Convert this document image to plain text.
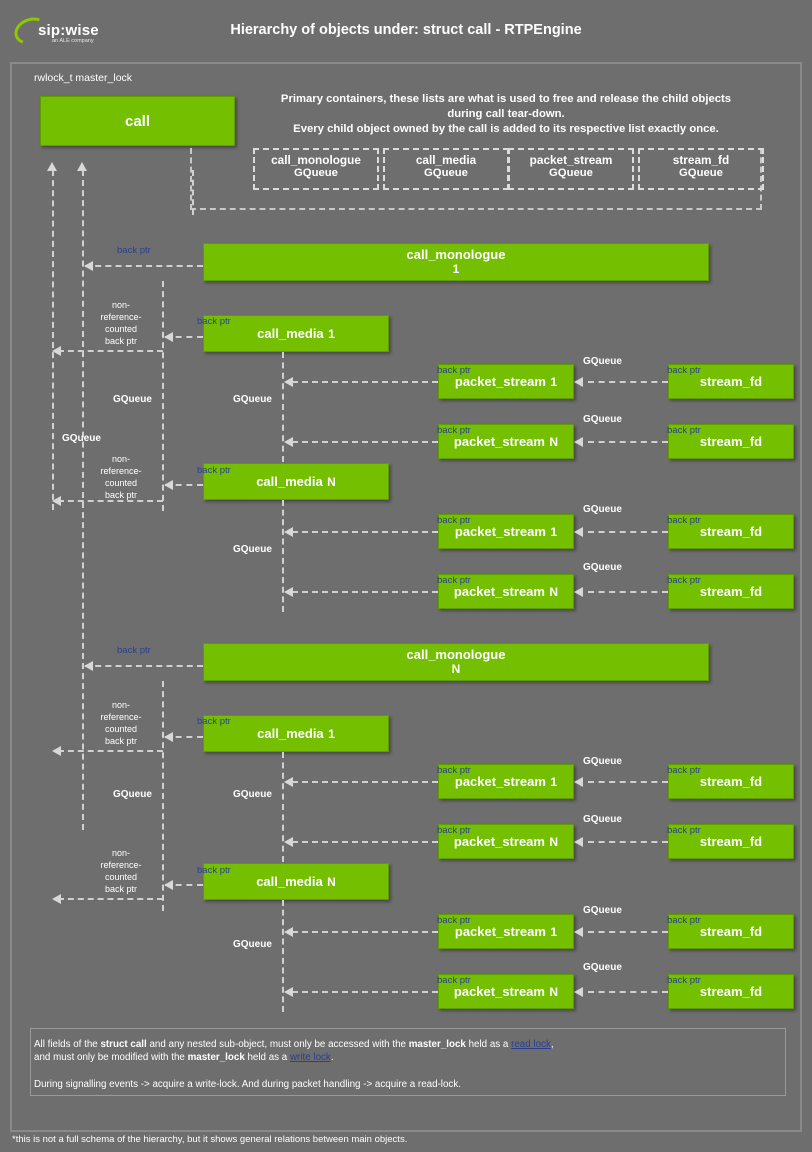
sip:wise
an ALE company
Hierarchy of objects under: struct call - RTPEngine
rwlock_t master_lock
call
Primary containers, these lists are what is used to free and release the child objects
during call tear-down.
Every child object owned by the call is added to its respective list exactly once.
call_monologue
GQueue
call_media
GQueue
packet_stream
GQueue
stream_fd
GQueue
GQueue
call_monologue
1
back ptr
GQueue
non-
reference-
counted
back ptr	call_media
1
back ptr
GQueue
packet_stream
1
back ptr
stream_fd
back ptr
GQueue
packet_stream
N
back ptr
stream_fd
back ptr
GQueue
non-
reference-
counted
back ptr
call_media
N
back ptr
GQueue
packet_stream
1
back ptr
stream_fd
back ptr
GQueue
packet_stream
N
back ptr
stream_fd
back ptr
GQueue
call_monologue
N
back ptr
GQueue
non-
reference-
counted
back ptr	call_media
1
back ptr
GQueue
packet_stream
1
back ptr
stream_fd
back ptr
GQueue
packet_stream
N
back ptr
stream_fd
back ptr
GQueue
non-
reference-
counted
back ptr	call_media
N
back ptr
GQueue
packet_stream
1
back ptr
stream_fd
back ptr
GQueue
packet_stream
N
back ptr
stream_fd
back ptr
GQueue
All fields of the struct call and any nested sub-object, must only be accessed with the master_lock held as a read lock,
and must only be modified with the master_lock held as a write lock.
During signalling events -> acquire a write-lock. And during packet handling -> acquire a read-lock.
*this is not a full schema of the hierarchy, but it shows general relations between main objects.
